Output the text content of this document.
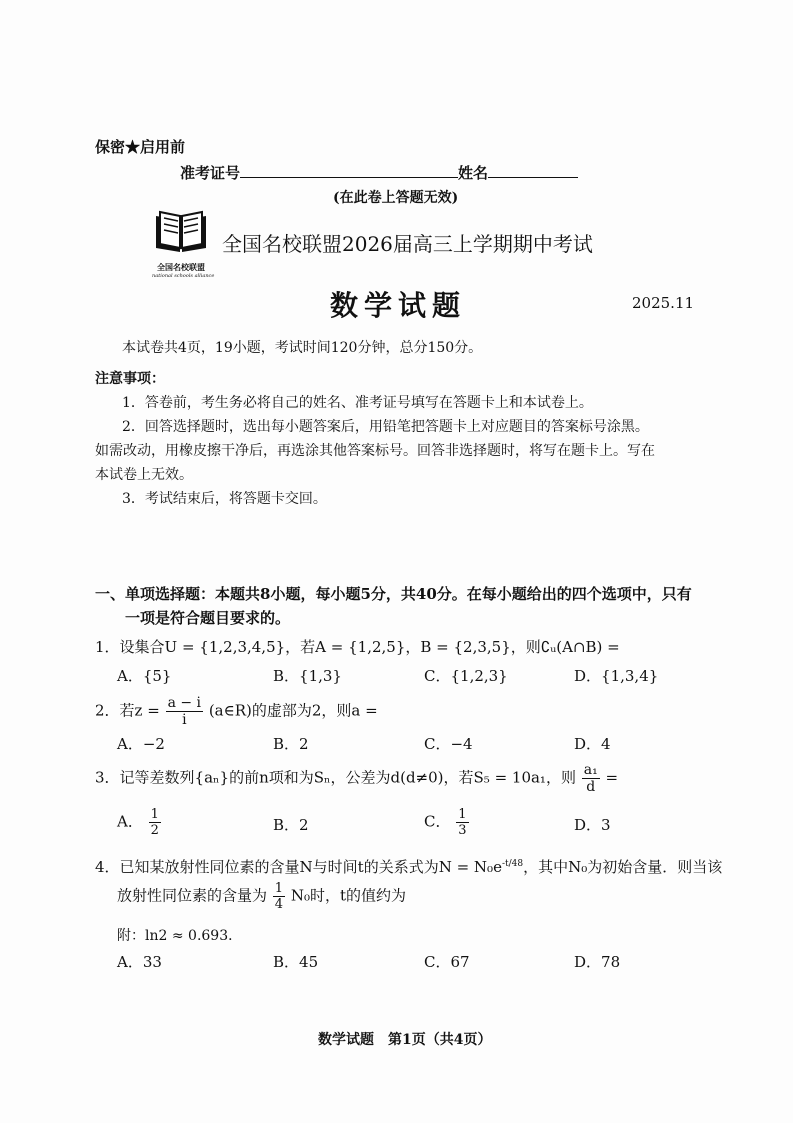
保密★启用前
准考证号	姓名
(在此卷上答题无效)
全国名校联盟
national schools alliance
全国名校联盟2026届高三上学期期中考试
数学试题	2025.11
本试卷共4页，19小题，考试时间120分钟，总分150分。
注意事项：
1．答卷前，考生务必将自己的姓名、准考证号填写在答题卡上和本试卷上。
2．回答选择题时，选出每小题答案后，用铅笔把答题卡上对应题目的答案标号涂黑。
如需改动，用橡皮擦干净后，再选涂其他答案标号。回答非选择题时，将写在题卡上。写在
本试卷上无效。
3．考试结束后，将答题卡交回。
一、单项选择题：本题共8小题，每小题5分，共40分。在每小题给出的四个选项中，只有
一项是符合题目要求的。
1．设集合U = {1,2,3,4,5}，若A = {1,2,5}，B = {2,3,5}，则∁ᵤ(A∩B) =
A．{5}	B．{1,3}	C．{1,2,3}	D．{1,3,4}
2．若$z = \frac{a - i}{i}$ (a∈R)的虚部为2，则a =
A．−2	B．2	C．−4	D．4
3．记等差数列{aₙ}的前n项和为Sₙ，公差为d(d≠0)，若S₅ = 10a₁，则 $\frac{\text{a₁}}{d}$ =
A． $\frac{1}{2}$	B．2	C． $\frac{1}{3}$	D．3
4．已知某放射性同位素的含量N与时间t的关系式为$N = N_0e^{-t/48}$，其中N₀为初始含量．则当该
放射性同位素的含量为 $\frac{1}{4} N_0$时，t的值约为
附：ln2 ≈ 0.693．
A．33	B．45	C．67	D．78
数学试题　第1页（共4页）
